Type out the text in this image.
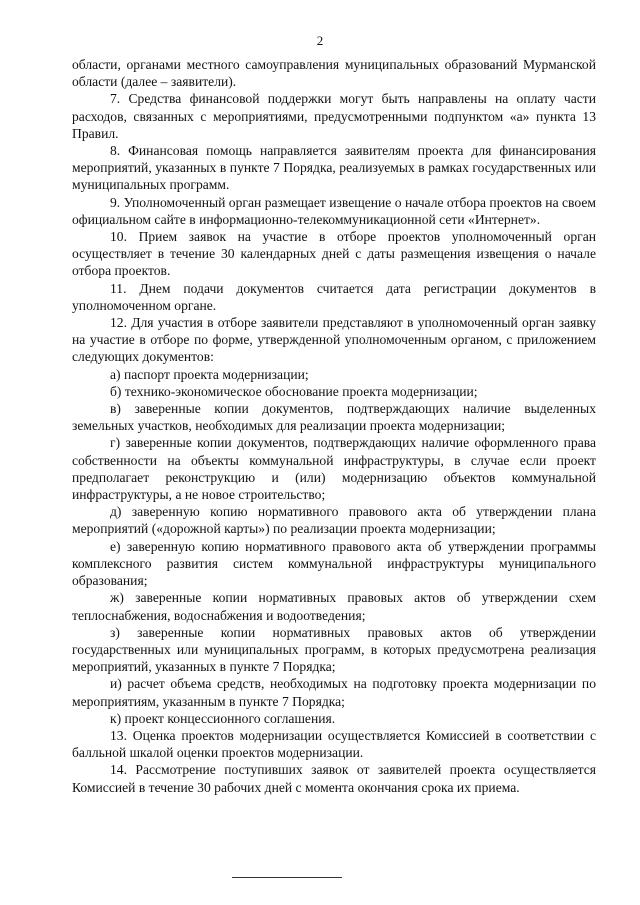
2

области, органами местного самоуправления муниципальных образований Мурманской области (далее – заявители).

7. Средства финансовой поддержки могут быть направлены на оплату части расходов, связанных с мероприятиями, предусмотренными подпунктом «а» пункта 13 Правил.

8. Финансовая помощь направляется заявителям проекта для финансирования мероприятий, указанных в пункте 7 Порядка, реализуемых в рамках государственных или муниципальных программ.

9. Уполномоченный орган размещает извещение о начале отбора проектов на своем официальном сайте в информационно-телекоммуникационной сети «Интернет».

10. Прием заявок на участие в отборе проектов уполномоченный орган осуществляет в течение 30 календарных дней с даты размещения извещения о начале отбора проектов.

11. Днем подачи документов считается дата регистрации документов в уполномоченном органе.

12. Для участия в отборе заявители представляют в уполномоченный орган заявку на участие в отборе по форме, утвержденной уполномоченным органом, с приложением следующих документов:

а) паспорт проекта модернизации;

б) технико-экономическое обоснование проекта модернизации;

в) заверенные копии документов, подтверждающих наличие выделенных земельных участков, необходимых для реализации проекта модернизации;

г) заверенные копии документов, подтверждающих наличие оформленного права собственности на объекты коммунальной инфраструктуры, в случае если проект предполагает реконструкцию и (или) модернизацию объектов коммунальной инфраструктуры, а не новое строительство;

д) заверенную копию нормативного правового акта об утверждении плана мероприятий («дорожной карты») по реализации проекта модернизации;

е) заверенную копию нормативного правового акта об утверждении программы комплексного развития систем коммунальной инфраструктуры муниципального образования;

ж) заверенные копии нормативных правовых актов об утверждении схем теплоснабжения, водоснабжения и водоотведения;

з) заверенные копии нормативных правовых актов об утверждении государственных или муниципальных программ, в которых предусмотрена реализация мероприятий, указанных в пункте 7 Порядка;

и) расчет объема средств, необходимых на подготовку проекта модернизации по мероприятиям, указанным в пункте 7 Порядка;

к) проект концессионного соглашения.

13. Оценка проектов модернизации осуществляется Комиссией в соответствии с балльной шкалой оценки проектов модернизации.

14. Рассмотрение поступивших заявок от заявителей проекта осуществляется Комиссией в течение 30 рабочих дней с момента окончания срока их приема.
